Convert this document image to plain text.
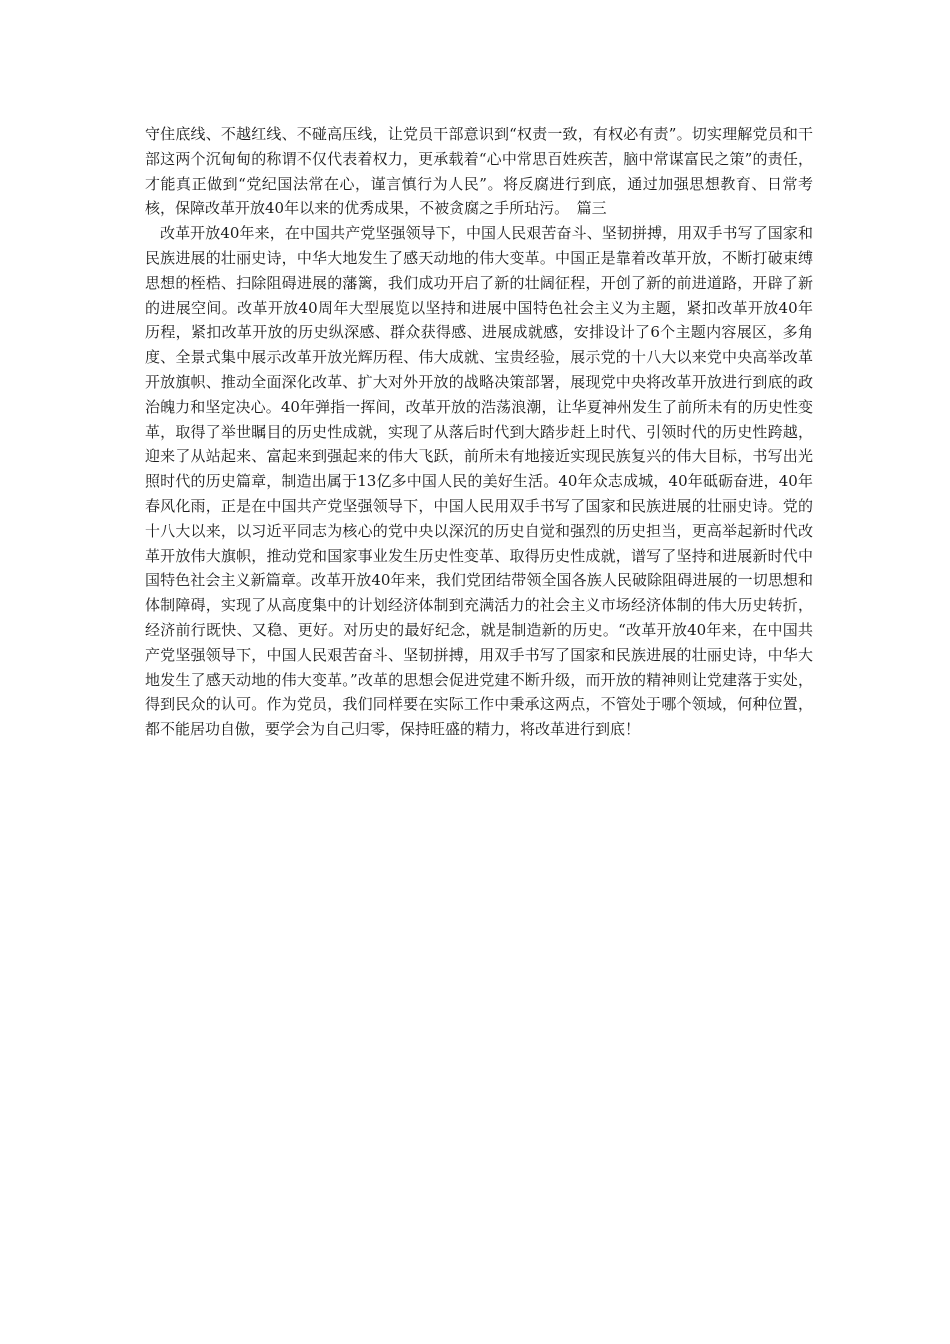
守住底线、不越红线、不碰高压线，让党员干部意识到“权责一致，有权必有责”。切实理解党员和干部这两个沉甸甸的称谓不仅代表着权力，更承载着“心中常思百姓疾苦，脑中常谋富民之策”的责任，才能真正做到“党纪国法常在心，谨言慎行为人民”。将反腐进行到底，通过加强思想教育、日常考核，保障改革开放40年以来的优秀成果，不被贪腐之手所玷污。　篇三

改革开放40年来，在中国共产党坚强领导下，中国人民艰苦奋斗、坚韧拼搏，用双手书写了国家和民族进展的壮丽史诗，中华大地发生了感天动地的伟大变革。中国正是靠着改革开放，不断打破束缚思想的桎梏、扫除阻碍进展的藩篱，我们成功开启了新的壮阔征程，开创了新的前进道路，开辟了新的进展空间。改革开放40周年大型展览以坚持和进展中国特色社会主义为主题，紧扣改革开放40年历程，紧扣改革开放的历史纵深感、群众获得感、进展成就感，安排设计了6个主题内容展区，多角度、全景式集中展示改革开放光辉历程、伟大成就、宝贵经验，展示党的十八大以来党中央高举改革开放旗帜、推动全面深化改革、扩大对外开放的战略决策部署，展现党中央将改革开放进行到底的政治魄力和坚定决心。40年弹指一挥间，改革开放的浩荡浪潮，让华夏神州发生了前所未有的历史性变革，取得了举世瞩目的历史性成就，实现了从落后时代到大踏步赶上时代、引领时代的历史性跨越，迎来了从站起来、富起来到强起来的伟大飞跃，前所未有地接近实现民族复兴的伟大目标，书写出光照时代的历史篇章，制造出属于13亿多中国人民的美好生活。40年众志成城，40年砥砺奋进，40年春风化雨，正是在中国共产党坚强领导下，中国人民用双手书写了国家和民族进展的壮丽史诗。党的十八大以来，以习近平同志为核心的党中央以深沉的历史自觉和强烈的历史担当，更高举起新时代改革开放伟大旗帜，推动党和国家事业发生历史性变革、取得历史性成就，谱写了坚持和进展新时代中国特色社会主义新篇章。改革开放40年来，我们党团结带领全国各族人民破除阻碍进展的一切思想和体制障碍，实现了从高度集中的计划经济体制到充满活力的社会主义市场经济体制的伟大历史转折，经济前行既快、又稳、更好。对历史的最好纪念，就是制造新的历史。“改革开放40年来，在中国共产党坚强领导下，中国人民艰苦奋斗、坚韧拼搏，用双手书写了国家和民族进展的壮丽史诗，中华大地发生了感天动地的伟大变革。”改革的思想会促进党建不断升级，而开放的精神则让党建落于实处，得到民众的认可。作为党员，我们同样要在实际工作中秉承这两点，不管处于哪个领域，何种位置，都不能居功自傲，要学会为自己归零，保持旺盛的精力，将改革进行到底！
